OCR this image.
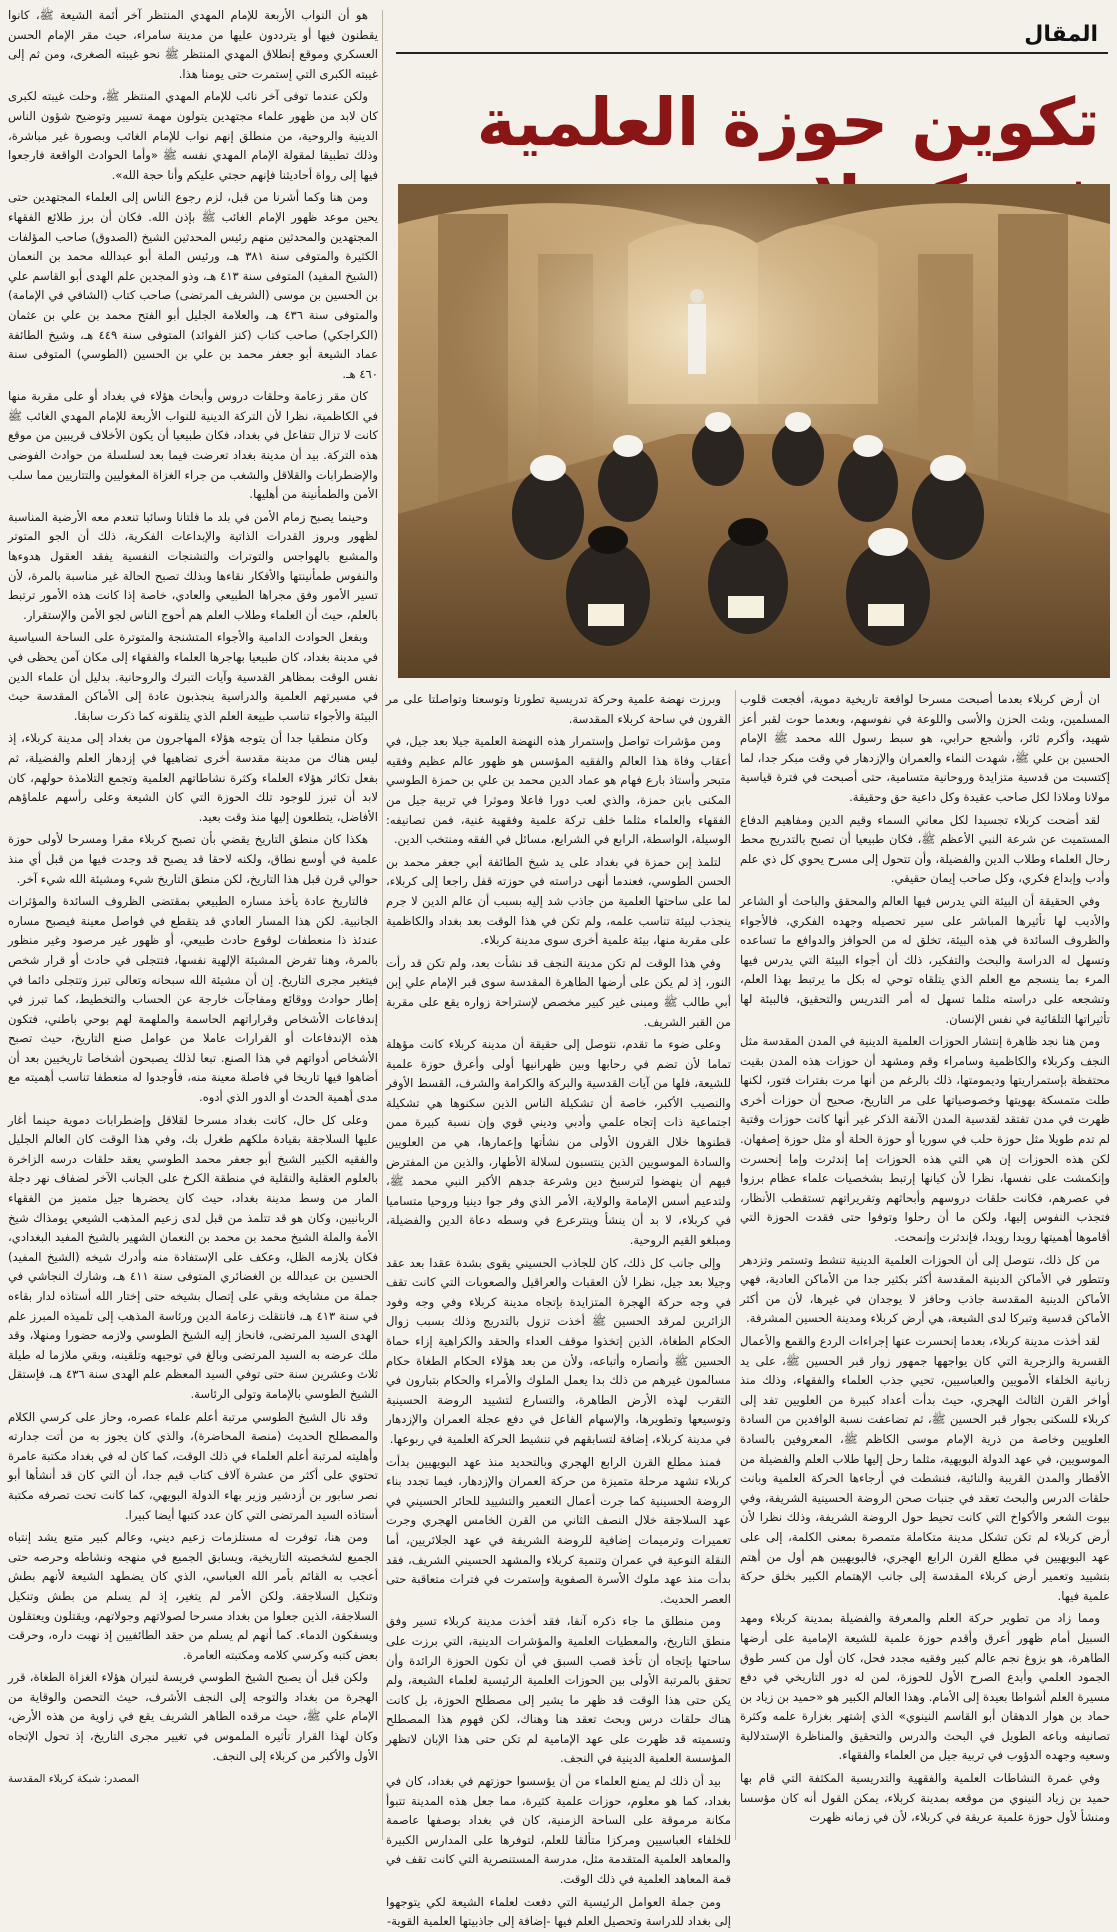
المقال
تكوين حوزة العلمية

هو أن النواب الأربعة للإمام المهدي المنتظر آخر أئمة الشيعة ﷺ، كانوا يقطنون فيها أو يترددون عليها من مدينة سامراء، حيث مقر الإمام الحسن العسكري وموقع إنطلاق المهدي المنتظر ﷺ نحو غيبته الصغرى، ومن ثم إلى غيبته الكبرى التي إستمرت حتى يومنا هذا.

ولكن عندما توفى آخر نائب للإمام المهدي المنتظر ﷺ، وحلت غيبته لكبرى كان لابد من ظهور علماء مجتهدين يتولون مهمة تسيير وتوضيح شؤون الناس الدينية والروحية، من منطلق إنهم نواب للإمام الغائب وبصورة غير مباشرة، وذلك تطبيقا لمقولة الإمام المهدي نفسه ﷺ «وأما الحوادث الواقعة فارجعوا فيها إلى رواة أحاديثنا فإنهم حجتي عليكم وأنا حجة الله».

ومن هنا وكما أشرنا من قبل، لزم رجوع الناس إلى العلماء المجتهدين حتى يحين موعد ظهور الإمام الغائب ﷺ بإذن الله. فكان أن برز طلائع الفقهاء المجتهدين والمحدثين منهم رئيس المحدثين الشيخ (الصدوق) صاحب المؤلفات الكثيرة والمتوفى سنة ٣٨١ هـ، ورئيس الملة أبو عبدالله محمد بن النعمان (الشيخ المفيد) المتوفى سنة ٤١٣ هـ، وذو المجدين علم الهدى أبو القاسم علي بن الحسين بن موسى (الشريف المرتضى) صاحب كتاب (الشافي في الإمامة) والمتوفى سنة ٤٣٦ هـ، والعلامة الجليل أبو الفتح محمد بن علي بن عثمان (الكراجكي) صاحب كتاب (كنز الفوائد) المتوفى سنة ٤٤٩ هـ، وشيخ الطائفة عماد الشيعة أبو جعفر محمد بن علي بن الحسين (الطوسي) المتوفى سنة ٤٦٠ هـ.

كان مقر زعامة وحلقات دروس وأبحاث هؤلاء في بغداد أو على مقربة منها في الكاظمية، نظرا لأن التركة الدينية للنواب الأربعة للإمام المهدي الغائب ﷺ كانت لا تزال تتفاعل في بغداد، فكان طبيعيا أن يكون الأخلاف قريبين من موقع هذه التركة. بيد أن مدينة بغداد تعرضت فيما بعد لسلسلة من حوادث الفوضى والإضطرابات والقلاقل والشغب من جراء الغزاة المغوليين والتتاريين مما سلب الأمن والطمأنينة من أهليها.

وحينما يصبح زمام الأمن في بلد ما فلتانا وسائبا تنعدم معه الأرضية المناسبة لظهور وبروز القدرات الذاتية والإبداعات الفكرية، ذلك أن الجو المتوتر والمشبع بالهواجس والتوترات والتشنجات النفسية يفقد العقول هدوءها والنفوس طمأنينتها والأفكار نقاءها وبذلك تصبح الحالة غير مناسبة بالمرة، لأن تسير الأمور وفق مجراها الطبيعي والعادي، خاصة إذا كانت هذه الأمور ترتبط بالعلم، حيث أن العلماء وطلاب العلم هم أحوج الناس لجو الأمن والإستقرار.

وبفعل الحوادث الدامية والأجواء المتشنجة والمتوترة على الساحة السياسية في مدينة بغداد، كان طبيعيا بهاجرها العلماء والفقهاء إلى مكان آمن يحظى في نفس الوقت بمظاهر القدسية وآيات التبرك والروحانية. بدليل أن علماء الدين في مسيرتهم العلمية والدراسية ينجذبون عادة إلى الأماكن المقدسة حيث البيئة والأجواء تناسب طبيعة العلم الذي يتلقونه كما ذكرت سابقا.

وكان منطقيا جدا أن يتوجه هؤلاء المهاجرون من بغداد إلى مدينة كربلاء، إذ ليس هناك من مدينة مقدسة أخرى تضاهيها في إزدهار العلم والفضيلة، ثم بفعل تكاثر هؤلاء العلماء وكثرة نشاطاتهم العلمية وتجمع التلامذة حولهم، كان لابد أن تبرز للوجود تلك الحوزة التي كان الشيعة وعلى رأسهم علماؤهم الأفاضل، يتطلعون إليها منذ وقت بعيد.

هكذا كان منطق التاريخ يقضي بأن تصبح كربلاء مقرا ومسرحا لأولى حوزة علمية في أوسع نطاق، ولكنه لاحقا قد يصبح قد وجدت فيها من قبل أي منذ حوالي قرن قبل هذا التاريخ، لكن منطق التاريخ شيء ومشيئة الله شيء آخر.

فالتاريخ عادة يأخذ مساره الطبيعي بمقتضى الظروف السائدة والمؤثرات الجانبية. لكن هذا المسار العادي قد يتقطع في فواصل معينة فيصبح مساره عندئذ ذا منعطفات لوقوع حادث طبيعي، أو ظهور غير مرصود وغير منظور بالمرة، وهنا تفرض المشيئة الإلهية نفسها، فتتجلى في حادث أو قرار شخص فيتغير مجرى التاريخ. إن أن مشيئة الله سبحانه وتعالى تبرز وتتجلى دائما في إطار حوادث ووقائع ومفاجآت خارجة عن الحساب والتخطيط، كما تبرز في إندفاعات الأشخاص وقراراتهم الحاسمة والملهمة لهم بوحي باطني، فتكون هذه الإندفاعات أو القرارات عاملا من عوامل صنع التاريخ، حيث تصبح الأشخاص أدواتهم في هذا الصنع. تبعا لذلك يصبحون أشخاصا تاريخيين بعد أن أضاهوا فيها تاريخا في فاصلة معينة منه، فأوجدوا له منعطفا تناسب أهميته مع مدى أهمية الحدث أو الدور الذي أدوه.

وعلى كل حال، كانت بغداد مسرحا لقلاقل وإضطرابات دموية حينما أغار عليها السلاجقة بقيادة ملكهم طغرل بك، وفي هذا الوقت كان العالم الجليل والفقيه الكبير الشيخ أبو جعفر محمد الطوسي يعقد حلقات درسه الزاخرة بالعلوم العقلية والنقلية في منطقة الكرخ على الجانب الآخر لضفاف نهر دجلة المار من وسط مدينة بغداد، حيث كان يحضرها جيل متميز من الفقهاء الربانيين، وكان هو قد تتلمذ من قبل لدى زعيم المذهب الشيعي يومذاك شيخ الأمة والملة الشيخ محمد بن محمد بن النعمان الشهير بالشيخ المفيد البغدادي، فكان يلازمه الظل، وعكف على الإستفادة منه وأدرك شيخه (الشيخ المفيد) الحسين بن عبدالله بن الغضائري المتوفى سنة ٤١١ هـ، وشارك النجاشي في جملة من مشايخه وبقي على إتصال بشيخه حتى إختار الله أستاذه لدار بقاءه في سنة ٤١٣ هـ، فانتقلت زعامة الدين ورئاسة المذهب إلى تلميذه المبرز علم الهدى السيد المرتضى، فانحاز إليه الشيخ الطوسي ولازمه حضورا ومنهلا، وقد ملك عرضه به السيد المرتضى وبالغ في توجيهه وتلقينه، وبقي ملازما له طيلة ثلاث وعشرين سنة حتى توفي السيد المعظم علم الهدى سنة ٤٣٦ هـ، فإستقل الشيخ الطوسي بالإمامة وتولى الرئاسة.

وقد نال الشيخ الطوسي مرتبة أعلم علماء عصره، وحاز على كرسي الكلام والمصطلح الحديث (منصة المحاضرة)، والذي كان يجوز به من أتت جدارته وأهليته لمرتبة أعلم العلماء في ذلك الوقت، كما كان له في بغداد مكتبة عامرة تحتوي على أكثر من عشرة آلاف كتاب قيم جدا، أن التي كان قد أنشأها أبو نصر سابور بن أزدشير وزير بهاء الدولة البويهي، كما كانت تحت تصرفه مكتبة أستاذه السيد المرتضى التي كان عدد كتبها أيضا كبيرا.

ومن هنا، توفرت له مستلزمات زعيم ديني، وعالم كبير متبع يشد إنتباه الجميع لشخصيته التاريخية، ويسابق الجميع في منهجه ونشاطه وحرصه حتى أعجب به القائم بأمر الله العباسي، الذي كان يضطهد الشيعة لأنهم بطش وتنكيل السلاجقة. ولكن الأمر لم يتغير، إذ لم يسلم من بطش وتنكيل السلاجقة، الذين جعلوا من بغداد مسرحا لصولاتهم وجولاتهم، ويقتلون ويعتقلون ويسفكون الدماء. كما أنهم لم يسلم من حقد الطائفيين إذ نهبت داره، وحرقت بعض كتبه وكرسي كلامه ومكتبته العامرة.

ولكن قبل أن يصبح الشيخ الطوسي فريسة لنيران هؤلاء الغزاة الطغاة، قرر الهجرة من بغداد والتوجه إلى النجف الأشرف، حيث التحصن والوقاية من الإمام علي ﷺ، حيث مرقده الطاهر الشريف يقع في زاوية من هذه الأرض، وكان لهذا القرار تأثيره الملموس في تغيير مجرى التاريخ، إذ تحول الإتجاه الأول والأكبر من كربلاء إلى النجف.

المصدر: شبكة كربلاء المقدسة

وبرزت نهضة علمية وحركة تدريسية تطورتا وتوسعتا وتواصلتا على مر القرون في ساحة كربلاء المقدسة.

ومن مؤشرات تواصل وإستمرار هذه النهضة العلمية جيلا بعد جيل، في أعقاب وفاة هذا العالم والفقيه المؤسس هو ظهور عالم عظيم وفقيه متبحر وأستاذ بارع فهام هو عماد الدين محمد بن علي بن حمزة الطوسي المكنى بابن حمزة، والذي لعب دورا فاعلا وموثرا في تربية جيل من الفقهاء والعلماء مثلما خلف تركة علمية وفقهية غنية، فمن تصانيفه: الوسيلة، الواسطة، الرابع في الشرايع، مسائل في الفقه ومنتخب الدين.

لتلمذ إبن حمزة في بغداد على يد شيخ الطائفة أبي جعفر محمد بن الحسن الطوسي، فعندما أنهى دراسته في حوزته قفل راجعا إلى كربلاء، لما على ساحتها العلمية من جاذب شد إليه بسبب أن عالم الدين لا جرم ينجذب لبيئة تناسب علمه، ولم تكن في هذا الوقت بعد بغداد والكاظمية على مقربة منها، بيئة علمية أخرى سوى مدينة كربلاء.

وفي هذا الوقت لم تكن مدينة النجف قد نشأت بعد، ولم تكن قد رأت النور، إذ لم يكن على أرضها الطاهرة المقدسة سوى قبر الإمام علي إبن أبي طالب ﷺ ومبنى غير كبير مخصص لإستراحة زواره يقع على مقربة من القبر الشريف.

وعلى ضوء ما تقدم، نتوصل إلى حقيقة أن مدينة كربلاء كانت مؤهلة تماما لأن تضم في رحابها وبين ظهرانيها أولى وأعرق حوزة علمية للشيعة، فلها من آيات القدسية والبركة والكرامة والشرف، القسط الأوفر والنصيب الأكبر، خاصة أن تشكيلة الناس الذين سكنوها هي تشكيلة اجتماعية ذات إتجاه علمي وأدبي وديني قوي وإن نسبة كبيرة ممن قطنوها خلال القرون الأولى من نشأتها وإعمارها، هي من العلويين والسادة الموسويين الذين ينتسبون لسلالة الأطهار، والذين من المفترض فيهم أن ينهضوا لترسيخ دين وشرعة جدهم الأكبر النبي محمد ﷺ، ولتدعيم أسس الإمامة والولاية، الأمر الذي وفر جوا دينيا وروحيا متساميا في كربلاء، لا بد أن ينشأ وينترعرع في وسطه دعاة الدين والفضيلة، ومبلغو القيم الروحية.

وإلى جانب كل ذلك، كان للجاذب الحسيني يقوى بشدة عقدا بعد عقد وجيلا بعد جيل، نظرا لأن العقبات والعراقيل والصعوبات التي كانت تقف في وجه حركة الهجرة المتزايدة بإتجاه مدينة كربلاء وفي وجه وفود الزائرين لمرقد الحسين ﷺ أخذت تزول بالتدريج وذلك بسبب زوال الحكام الطغاة، الذين إتخذوا موقف العداء والحقد والكراهية إزاء حماة الحسين ﷺ وأنصاره وأتباعه، ولأن من بعد هؤلاء الحكام الطغاة حكام مسالمون غيرهم من ذلك بدا يعمل الملوك والأمراء والحكام بتبارون في التقرب لهذه الأرض الطاهرة، والتسارع لتشييد الروضة الحسينية وتوسيعها وتطويرها، والإسهام الفاعل في دفع عجلة العمران والإزدهار في مدينة كربلاء، إضافة لتسابقهم في تنشيط الحركة العلمية في ربوعها.

فمنذ مطلع القرن الرابع الهجري وبالتحديد منذ عهد البويهيين بدأت كربلاء تشهد مرحلة متميزة من حركة العمران والإزدهار، فيما تجدد بناء الروضة الحسينية كما جرت أعمال التعمير والتشييد للحائر الحسيني في عهد السلاجقة خلال النصف الثاني من القرن الخامس الهجري وجرت تعميرات وترميمات إضافية للروضة الشريفة في عهد الجلائريين، أما النقلة النوعية في عمران وتنمية كربلاء والمشهد الحسيني الشريف، فقد بدأت منذ عهد ملوك الأسرة الصفوية وإستمرت في فترات متعاقبة حتى العصر الحديث.

ومن منطلق ما جاء ذكره آنفا، فقد أخذت مدينة كربلاء تسير وفق منطق التاريخ، والمعطيات العلمية والمؤشرات الدينية، التي برزت على ساحتها بإتجاه أن تأخذ قصب السبق في أن تكون الحوزة الرائدة وأن تحقق بالمرتبة الأولى بين الحوزات العلمية الرئيسية لعلماء الشيعة، ولم يكن حتى هذا الوقت قد ظهر ما يشير إلى مصطلح الحوزة، بل كانت هناك حلقات درس وبحث تعقد هنا وهناك، لكن فهوم هذا المصطلح وتسميته قد ظهرت على عهد الإمامية لم تكن حتى هذا الإبان لاتظهر المؤسسة العلمية الدينية في النجف.

بيد أن ذلك لم يمنع العلماء من أن يؤسسوا حوزتهم في بغداد، كان في بغداد، كما هو معلوم، حوزات علمية كثيرة، مما جعل هذه المدينة تتبوأ مكانة مرموقة على الساحة الزمنية، كان في بغداد بوصفها عاصمة للخلفاء العباسيين ومركزا متألقا للعلم، لتوفرها على المدارس الكبيرة والمعاهد العلمية المتقدمة مثل، مدرسة المستنصرية التي كانت تقف في قمة المعاهد العلمية في ذلك الوقت.

ومن جملة العوامل الرئيسية التي دفعت لعلماء الشيعة لكي يتوجهوا إلى بغداد للدراسة وتحصيل العلم فيها -إضافة إلى جاذبيتها العلمية القوية-

ان أرض كربلاء بعدما أصبحت مسرحا لواقعة تاريخية دموية، أفجعت قلوب المسلمين، وبثت الحزن والأسى واللوعة في نفوسهم، وبعدما حوت لقبر أعز شهيد، وأكرم ثائر، وأشجع حرابي، هو سبط رسول الله محمد ﷺ الإمام الحسين بن علي ﷺ، شهدت النماء والعمران والإزدهار في وقت مبكر جدا، لما إكتسبت من قدسية متزايدة وروحانية متسامية، حتى أصبحت في فترة قياسية مولانا وملاذا لكل صاحب عقيدة وكل داعية حق وحقيقة.

لقد أضحت كربلاء تجسيدا لكل معاني السماء وقيم الدين ومفاهيم الدفاع المستميت عن شرعة النبي الأعظم ﷺ، فكان طبيعيا أن تصبح بالتدريج محط رحال العلماء وطلاب الدين والفضيلة، وأن تتحول إلى مسرح يحوي كل ذي علم وأدب وإبداع فكري، وكل صاحب إيمان حقيقي.

وفي الحقيقة أن البيئة التي يدرس فيها العالم والمحقق والباحث أو الشاعر والأديب لها تأثيرها المباشر على سير تحصيله وجهده الفكري، فالأجواء والظروف السائدة في هذه البيئة، تخلق له من الحوافز والدوافع ما تساعده وتسهل له الدراسة والبحث والتفكير، ذلك أن أجواء البيئة التي يدرس فيها المرء بما ينسجم مع العلم الذي يتلقاه توحي له بكل ما يرتبط بهذا العلم، وتشجعه على دراسته مثلما تسهل له أمر التدريس والتحقيق، فالبيئة لها تأثيراتها التلقائية في نفس الإنسان.

ومن هنا نجد ظاهرة إنتشار الحوزات العلمية الدينية في المدن المقدسة مثل النجف وكربلاء والكاظمية وسامراء وقم ومشهد أن حوزات هذه المدن بقيت محتفظة بإستمراريتها وديمومتها، ذلك بالرغم من أنها مرت بفترات فتور، لكنها طلت متمسكة بهويتها وخصوصياتها على مر التاريخ، صحيح أن حوزات أخرى ظهرت في مدن تفتقد لقدسية المدن الآنفة الذكر غير أنها كانت حوزات وقتية لم تدم طويلا مثل حوزة حلب في سوريا أو حوزة الحلة أو مثل حوزة إصفهان. لكن هذه الحوزات إن هي التي هذه الحوزات إما إندثرت وإما إنحسرت وإنكمشت على نفسها، نظرا لأن كيانها إرتبط بشخصيات علماء عظام برزوا في عصرهم، فكانت حلقات دروسهم وأبحاثهم وتقريراتهم تستقطب الأنظار، فتجذب النفوس إليها، ولكن ما أن رحلوا وتوفوا حتى فقدت الحوزة التي أقاموها أهميتها رويدا رويدا، فإندثرت وإنمحت.

من كل ذلك، نتوصل إلى أن الحوزات العلمية الدينية تنشط وتستمر وتزدهر وتتطور في الأماكن الدينية المقدسة أكثر بكثير جدا من الأماكن العادية، فهي الأماكن الدينية المقدسة جاذب وحافز لا يوجدان في غيرها، لأن من أكثر الأماكن قدسية وتبركا لدى الشيعة، هي أرض كربلاء ومدينة الحسين المشرفة.

لقد أخذت مدينة كربلاء، بعدما إنحسرت عنها إجراءات الردع والقمع والأعمال القسرية والزجرية التي كان يواجهها جمهور زوار قبر الحسين ﷺ، على يد زبانية الخلفاء الأمويين والعباسيين، تحيي جذب العلماء والفقهاء، وذلك منذ أواخر القرن الثالث الهجري، حيث بدأت أعداد كبيرة من العلويين تفد إلى كربلاء للسكنى بجوار قبر الحسين ﷺ، ثم تضاعفت نسبة الوافدين من السادة العلويين وخاصة من ذرية الإمام موسى الكاظم ﷺ، المعروفين بالسادة الموسويين، في عهد الدولة البويهية، مثلما رحل إليها طلاب العلم والفضيلة من الأقطار والمدن القريبة والنائية، فنشطت في أرجاءها الحركة العلمية وبانت حلقات الدرس والبحث تعقد في جنبات صحن الروضة الحسينية الشريفة، وفي بيوت الشعر والأكواخ التي كانت تحيط حول الروضة الشريفة، وذلك نظرا لأن أرض كربلاء لم تكن تشكل مدينة متكاملة متمصرة بمعنى الكلمة، إلى على عهد البويهيين في مطلع القرن الرابع الهجري، فالبويهيين هم أول من أهتم بتشييد وتعمير أرض كربلاء المقدسة إلى جانب الإهتمام الكبير بخلق حركة علمية فيها.

ومما زاد من تطوير حركة العلم والمعرفة والفضيلة بمدينة كربلاء ومهد السبيل أمام ظهور أعرق وأقدم حوزة علمية للشيعة الإمامية على أرضها الطاهرة، هو بزوغ نجم عالم كبير وفقيه مجدد فحل، كان أول من كسر طوق الجمود العلمي وأبدع الصرح الأول للحوزة، لمن له دور التاريخي في دفع مسيرة العلم أشواطا بعيدة إلى الأمام. وهذا العالم الكبير هو «حميد بن زياد بن حماد بن هوار الدهقان أبو القاسم النينوي» الذي إشتهر بغزارة علمه وكثرة تصانيفه وباعه الطويل في البحث والدرس والتحقيق والمناظرة الإستدلالية وسعيه وجهده الدؤوب في تربية جيل من العلماء والفقهاء.

وفي غمرة النشاطات العلمية والفقهية والتدريسية المكثفة التي قام بها حميد بن زياد النينوي من موقعه بمدينة كربلاء، يمكن القول أنه كان مؤسسا ومنشأ لأول حوزة علمية عريقة في كربلاء، لأن في زمانه ظهرت
